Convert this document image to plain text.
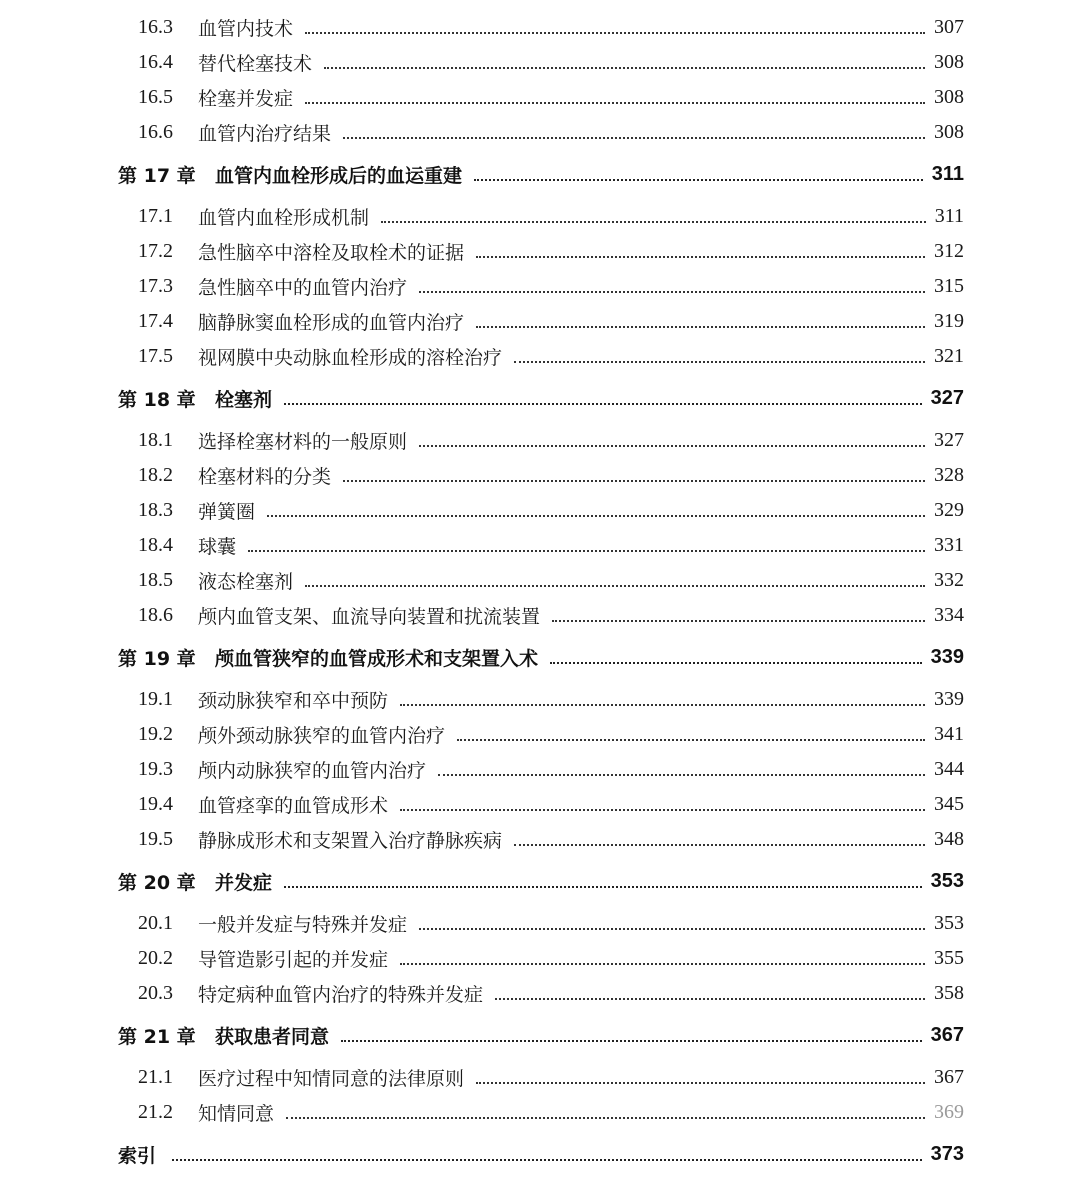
16.3	血管内技术	307
16.4	替代栓塞技术	308
16.5	栓塞并发症	308
16.6	血管内治疗结果	308
第 17 章	血管内血栓形成后的血运重建	311
17.1	血管内血栓形成机制	311
17.2	急性脑卒中溶栓及取栓术的证据	312
17.3	急性脑卒中的血管内治疗	315
17.4	脑静脉窦血栓形成的血管内治疗	319
17.5	视网膜中央动脉血栓形成的溶栓治疗	321
第 18 章	栓塞剂	327
18.1	选择栓塞材料的一般原则	327
18.2	栓塞材料的分类	328
18.3	弹簧圈	329
18.4	球囊	331
18.5	液态栓塞剂	332
18.6	颅内血管支架、血流导向装置和扰流装置	334
第 19 章	颅血管狭窄的血管成形术和支架置入术	339
19.1	颈动脉狭窄和卒中预防	339
19.2	颅外颈动脉狭窄的血管内治疗	341
19.3	颅内动脉狭窄的血管内治疗	344
19.4	血管痉挛的血管成形术	345
19.5	静脉成形术和支架置入治疗静脉疾病	348
第 20 章	并发症	353
20.1	一般并发症与特殊并发症	353
20.2	导管造影引起的并发症	355
20.3	特定病种血管内治疗的特殊并发症	358
第 21 章	获取患者同意	367
21.1	医疗过程中知情同意的法律原则	367
21.2	知情同意	369
索引	373
